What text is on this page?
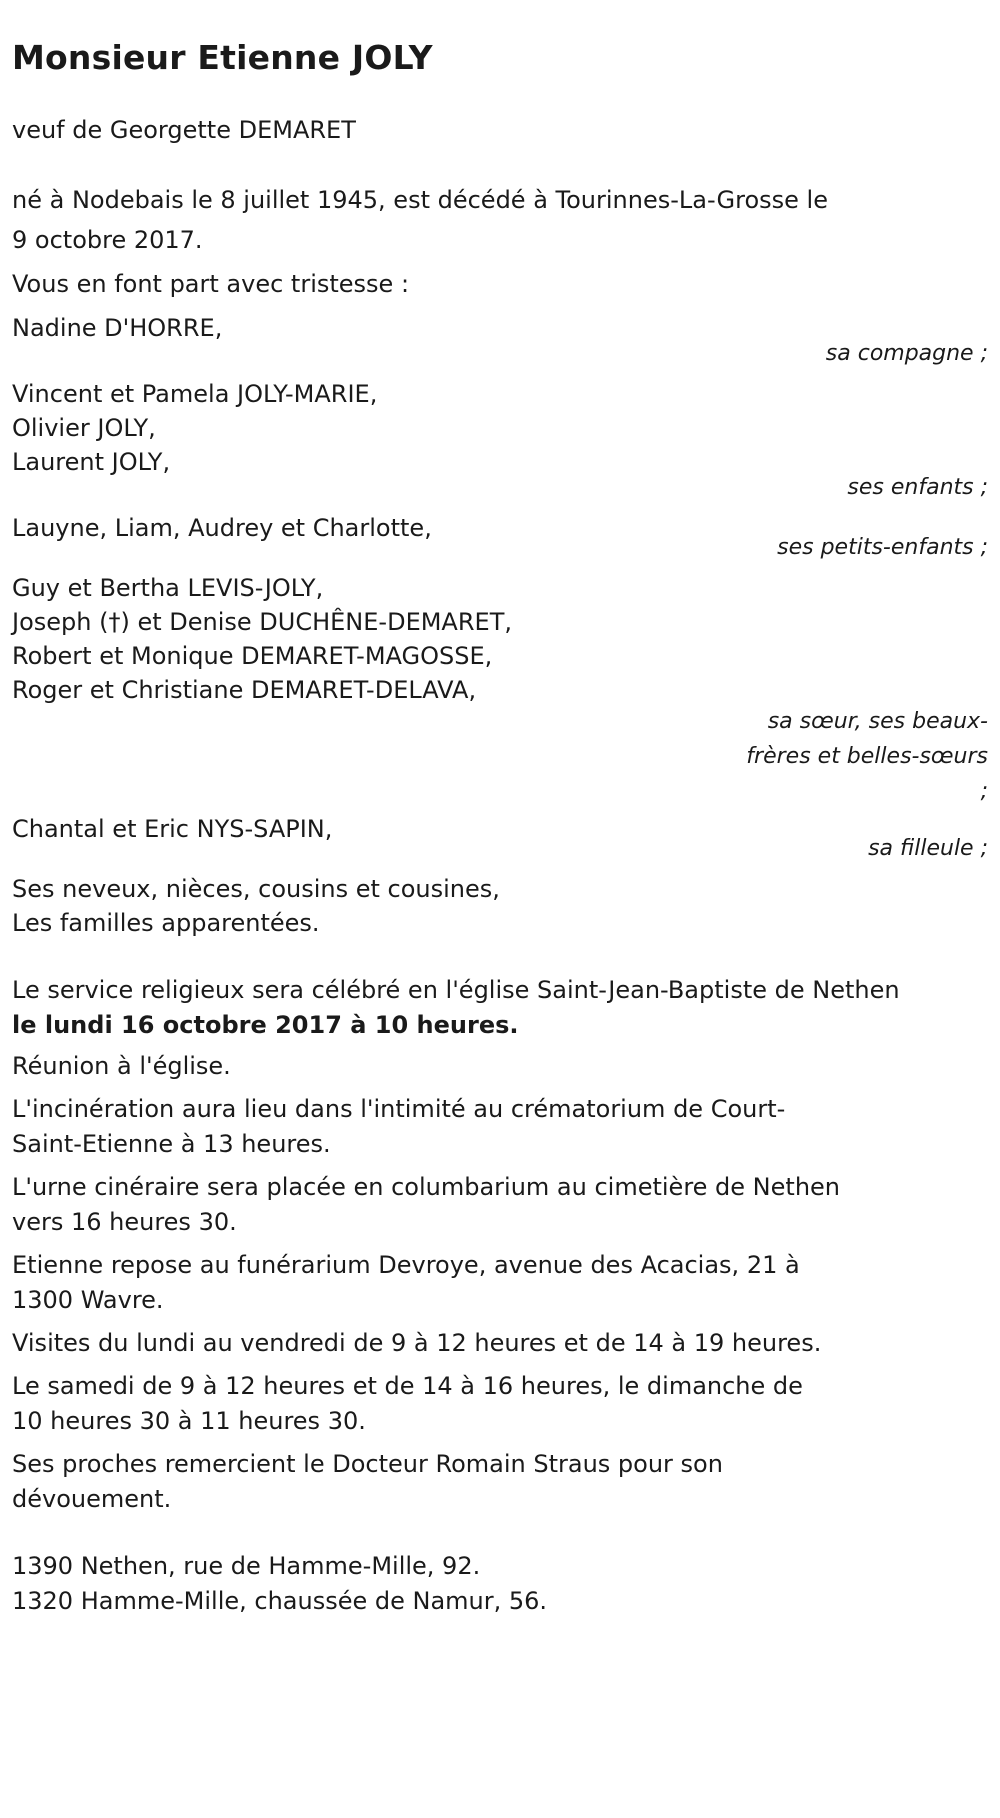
Monsieur Etienne JOLY

veuf de Georgette DEMARET

né à Nodebais le 8 juillet 1945, est décédé à Tourinnes-La-Grosse le 9 octobre 2017.

Vous en font part avec tristesse :

Nadine D'HORRE,
sa compagne ;
Vincent et Pamela JOLY-MARIE,
Olivier JOLY,
Laurent JOLY,
ses enfants ;
Lauyne, Liam, Audrey et Charlotte,
ses petits-enfants ;
Guy et Bertha LEVIS-JOLY,
Joseph (†) et Denise DUCHÊNE-DEMARET,
Robert et Monique DEMARET-MAGOSSE,
Roger et Christiane DEMARET-DELAVA,
sa sœur, ses beaux-frères et belles-sœurs ;
Chantal et Eric NYS-SAPIN,
sa filleule ;
Ses neveux, nièces, cousins et cousines,
Les familles apparentées.

Le service religieux sera célébré en l'église Saint-Jean-Baptiste de Nethen

le lundi 16 octobre 2017 à 10 heures.

Réunion à l'église.

L'incinération aura lieu dans l'intimité au crématorium de Court-Saint-Etienne à 13 heures.

L'urne cinéraire sera placée en columbarium au cimetière de Nethen vers 16 heures 30.

Etienne repose au funérarium Devroye, avenue des Acacias, 21 à 1300 Wavre.

Visites du lundi au vendredi de 9 à 12 heures et de 14 à 19 heures.

Le samedi de 9 à 12 heures et de 14 à 16 heures, le dimanche de 10 heures 30 à 11 heures 30.

Ses proches remercient le Docteur Romain Straus pour son dévouement.

1390 Nethen, rue de Hamme-Mille, 92.

1320 Hamme-Mille, chaussée de Namur, 56.
